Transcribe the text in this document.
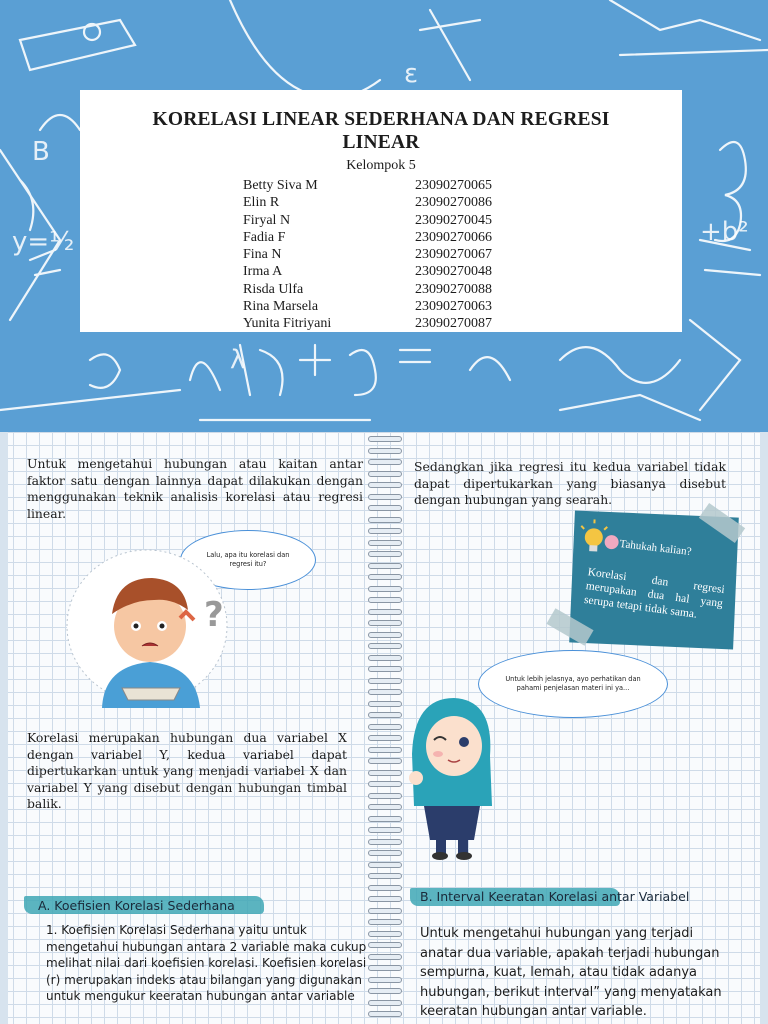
B
+b²
y=½
ε
λ
KORELASI LINEAR SEDERHANA DAN REGRESI
LINEAR
Kelompok 5
Betty Siva M	2309027006​5
Elin R	2309027008​6
Firyal N	2309027004​5
Fadia F	2309027006​6
Fina N	2309027006​7
Irma A	2309027004​8
Risda Ulfa	2309027008​8
Rina Marsela	2309027006​3
Yunita Fitriyani	2309027008​7
Untuk mengetahui hubungan atau kaitan antar faktor satu dengan lainnya dapat dilakukan dengan menggunakan teknik analisis korelasi atau regresi linear.
Lalu, apa itu korelasi dan regresi itu?
?
Korelasi merupakan hubungan dua variabel X dengan variabel Y, kedua variabel dapat dipertukarkan untuk yang menjadi variabel X dan variabel Y yang disebut dengan hubungan timbal balik.
Sedangkan jika regresi itu kedua variabel tidak dapat dipertukarkan yang biasanya disebut dengan hubungan yang searah.
Tahukah kalian?
Korelasi dan regresi merupakan dua hal yang serupa tetapi tidak sama.
Untuk lebih jelasnya, ayo perhatikan dan pahami penjelasan materi ini ya...
A. Koefisien Korelasi Sederhana
1. Koefisien Korelasi Sederhana yaitu untuk mengetahui hubungan antara 2 variable maka cukup melihat nilai dari koefisien korelasi. Koefisien korelasi (r) merupakan indeks atau bilangan yang digunakan untuk mengukur keeratan hubungan antar variable
B. Interval Keeratan Korelasi antar Variabel
Untuk mengetahui hubungan yang terjadi anatar dua variable, apakah terjadi hubungan sempurna, kuat, lemah, atau tidak adanya hubungan, berikut interval” yang menyatakan keeratan hubungan antar variable.
